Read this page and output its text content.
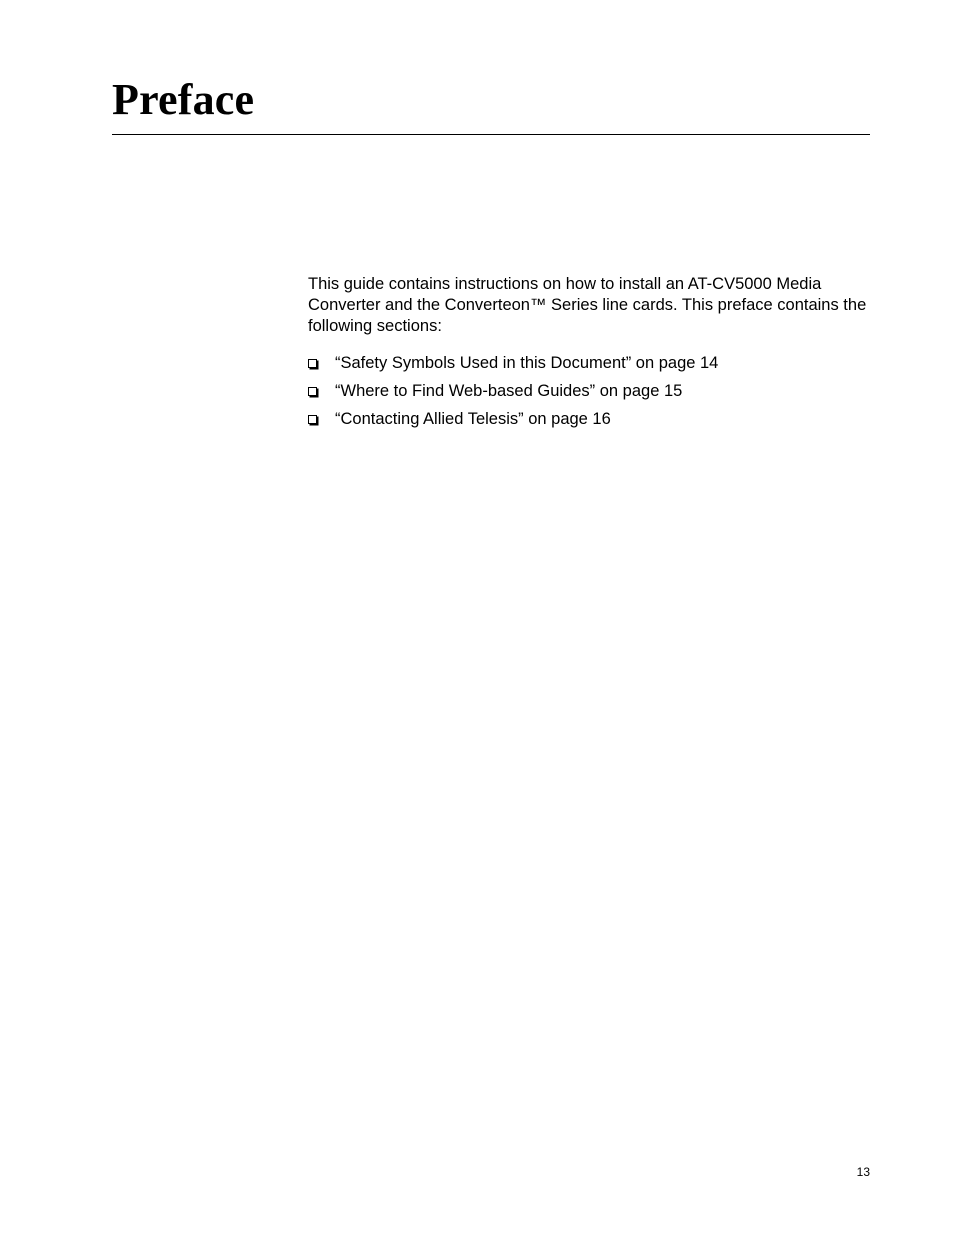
Preface

This guide contains instructions on how to install an AT-CV5000 Media Converter and the Converteon™ Series line cards. This preface contains the following sections:

“Safety Symbols Used in this Document” on page 14
“Where to Find Web-based Guides” on page 15
“Contacting Allied Telesis” on page 16
13
